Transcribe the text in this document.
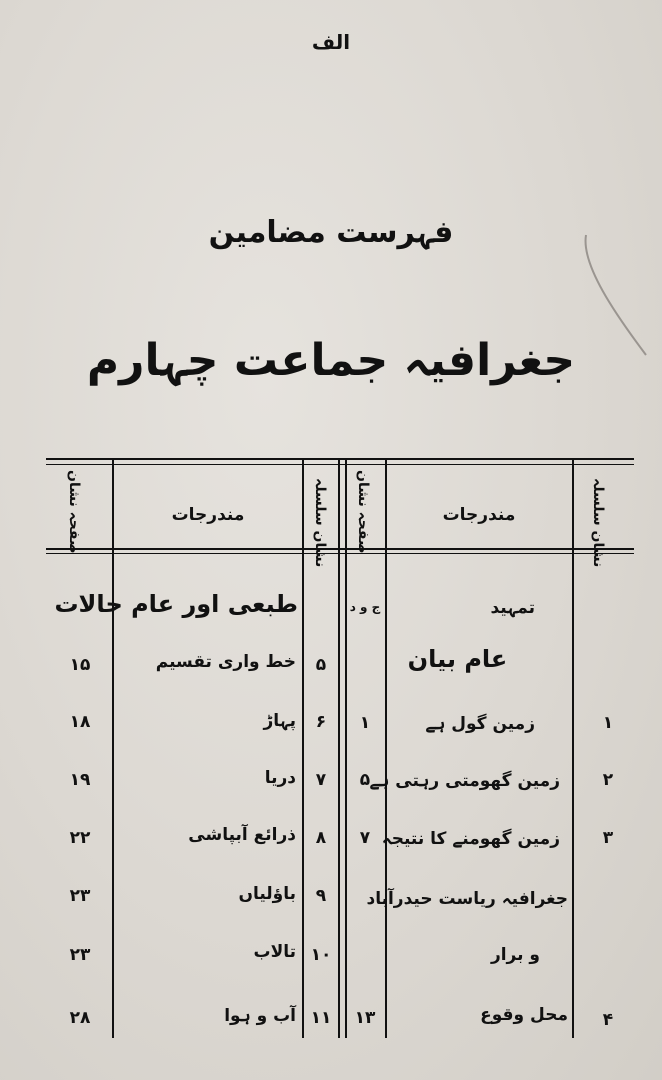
الف
فہرست مضامین
جغرافیہ جماعت چہارم
نشان سلسلہ
مندرجات
صفحہ نشان
نشان سلسلہ
مندرجات
صفحہ نشان
تمہید
ج و د
عام بیان
۱
زمین گول ہے
۱
۲
زمین گھومتی رہتی ہے
۵
۳
زمین گھومنے کا نتیجہ
۷
جغرافیہ ریاست حیدرآباد
و برار
۴
محل وقوع
۱۳
طبعی اور عام حالات
۵
خط واری تقسیم
۱۵
۶
پہاڑ
۱۸
۷
دریا
۱۹
۸
ذرائع آبپاشی
۲۲
۹
باؤلیاں
۲۳
۱۰
تالاب
۲۳
۱۱
آب و ہوا
۲۸
